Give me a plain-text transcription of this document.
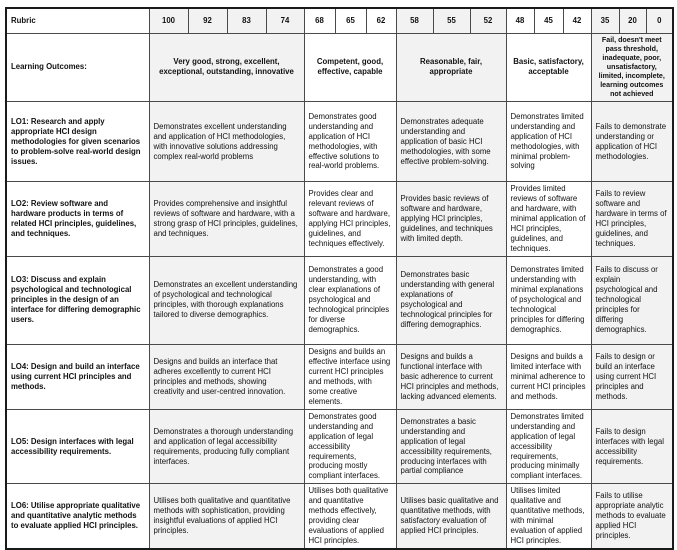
Rubric	100	92	83	74	68	65	62	58	55	52	48	45	42	35	20	0
Learning Outcomes:	Very good, strong, excellent, exceptional, outstanding, innovative				Competent, good, effective, capable			Reasonable, fair, appropriate			Basic, satisfactory, acceptable			Fail, doesn't meet pass threshold, inadequate, poor, unsatisfactory, limited, incomplete, learning outcomes not achieved		
LO1: Research and apply appropriate HCI design methodologies for given scenarios to problem-solve real-world design issues.	Demonstrates excellent understanding and application of HCI methodologies, with innovative solutions addressing complex real-world problems				Demonstrates good understanding and application of HCI methodologies, with effective solutions to real-world problems.			Demonstrates adequate understanding and application of basic HCI methodologies, with some effective problem-solving.			Demonstrates limited understanding and application of HCI methodologies, with minimal problem-solving			Fails to demonstrate understanding or application of HCI methodologies.		
LO2: Review software and hardware products in terms of related HCI principles, guidelines, and techniques.	Provides comprehensive and insightful reviews of software and hardware, with a strong grasp of HCI principles, guidelines, and techniques.				Provides clear and relevant reviews of software and hardware, applying HCI principles, guidelines, and techniques effectively.			Provides basic reviews of software and hardware, applying HCI principles, guidelines, and techniques with limited depth.			Provides limited reviews of software and hardware, with minimal application of HCI principles, guidelines, and techniques.			Fails to review software and hardware in terms of HCI principles, guidelines, and techniques.		
LO3: Discuss and explain psychological and technological principles in the design of an interface for differing demographic users.	Demonstrates an excellent understanding of psychological and technological principles, with thorough explanations tailored to diverse demographics.				Demonstrates a good understanding, with clear explanations of psychological and technological principles for diverse demographics.			Demonstrates basic understanding with general explanations of psychological and technological principles for differing demographics.			Demonstrates limited understanding with minimal explanations of psychological and technological principles for differing demographics.			Fails to discuss or explain psychological and technological principles for differing demographics.		
LO4: Design and build an interface using current HCI principles and methods.	Designs and builds an interface that adheres excellently to current HCI principles and methods, showing creativity and user-centred innovation.				Designs and builds an effective interface using current HCI principles and methods, with some creative elements.			Designs and builds a functional interface with basic adherence to current HCI principles and methods, lacking advanced elements.			Designs and builds a limited interface with minimal adherence to current HCI principles and methods.			Fails to design or build an interface using current HCI principles and methods.		
LO5: Design interfaces with legal accessibility requirements.	Demonstrates a thorough understanding and application of legal accessibility requirements, producing fully compliant interfaces.				Demonstrates good understanding and application of legal accessibility requirements, producing mostly compliant interfaces.			Demonstrates a basic understanding and application of legal accessibility requirements, producing interfaces with partial compliance			Demonstrates limited understanding and application of legal accessibility requirements, producing minimally compliant interfaces.			Fails to design interfaces with legal accessibility requirements.		
LO6: Utilise appropriate qualitative and quantitative analytic methods to evaluate applied HCI principles.	Utilises both qualitative and quantitative methods with sophistication, providing insightful evaluations of applied HCI principles.				Utilises both qualitative and quantitative methods effectively, providing clear evaluations of applied HCI principles.			Utilises basic qualitative and quantitative methods, with satisfactory evaluation of applied HCI principles.			Utilises limited qualitative and quantitative methods, with minimal evaluation of applied HCI principles.			Fails to utilise appropriate analytic methods to evaluate applied HCI principles.		
